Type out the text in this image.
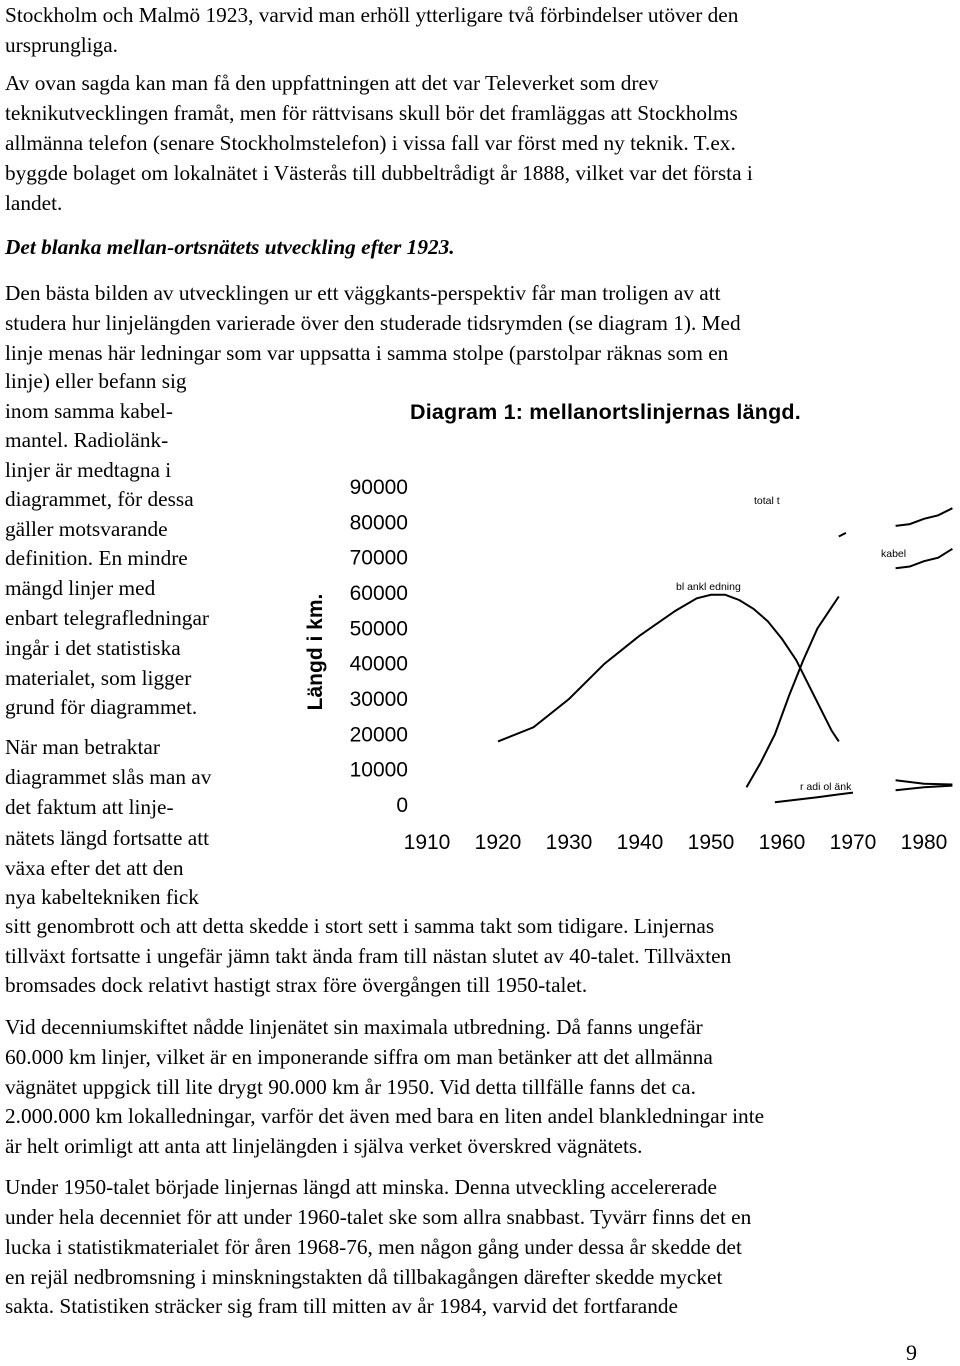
Stockholm och Malmö 1923, varvid man erhöll ytterligare två förbindelser utöver den
ursprungliga.
Av ovan sagda kan man få den uppfattningen att det var Televerket som drev
teknikutvecklingen framåt, men för rättvisans skull bör det framläggas att Stockholms
allmänna telefon (senare Stockholmstelefon) i vissa fall var först med ny teknik. T.ex.
byggde bolaget om lokalnätet i Västerås till dubbeltrådigt år 1888, vilket var det första i
landet.
Den bästa bilden av utvecklingen ur ett väggkants-perspektiv får man troligen av att
studera hur linjelängden varierade över den studerade tidsrymden (se diagram 1). Med
linje menas här ledningar som var uppsatta i samma stolpe (parstolpar räknas som en
linje) eller befann sig
inom samma kabel-
mantel. Radiolänk-
linjer är medtagna i
diagrammet, för dessa
gäller motsvarande
definition. En mindre
mängd linjer med
enbart telegrafledningar
ingår i det statistiska
materialet, som ligger
grund för diagrammet.
När man betraktar
diagrammet slås man av
det faktum att linje-
nätets längd fortsatte att
växa efter det att den
nya kabeltekniken fick
sitt genombrott och att detta skedde i stort sett i samma takt som tidigare. Linjernas
tillväxt fortsatte i ungefär jämn takt ända fram till nästan slutet av 40-talet. Tillväxten
bromsades dock relativt hastigt strax före övergången till 1950-talet.
Vid decenniumskiftet nådde linjenätet sin maximala utbredning. Då fanns ungefär
60.000 km linjer, vilket är en imponerande siffra om man betänker att det allmänna
vägnätet uppgick till lite drygt 90.000 km år 1950. Vid detta tillfälle fanns det ca.
2.000.000 km lokalledningar, varför det även med bara en liten andel blankledningar inte
är helt orimligt att anta att linjelängden i själva verket överskred vägnätets.
Under 1950-talet började linjernas längd att minska. Denna utveckling accelererade
under hela decenniet för att under 1960-talet ske som allra snabbast. Tyvärr finns det en
lucka i statistikmaterialet för åren 1968-76, men någon gång under dessa år skedde det
en rejäl nedbromsning i minskningstakten då tillbakagången därefter skedde mycket
sakta. Statistiken sträcker sig fram till mitten av år 1984, varvid det fortfarande
Det blanka mellan-ortsnätets utveckling efter 1923.
Diagram 1: mellanortslinjernas längd.
0
10000
20000
30000
40000
50000
60000
70000
80000
90000
1910 1920 1930 1940 1950 1960 1970 1980
Längd i km.
bl ankl edning
kabel
total t
r adi ol änk
9
